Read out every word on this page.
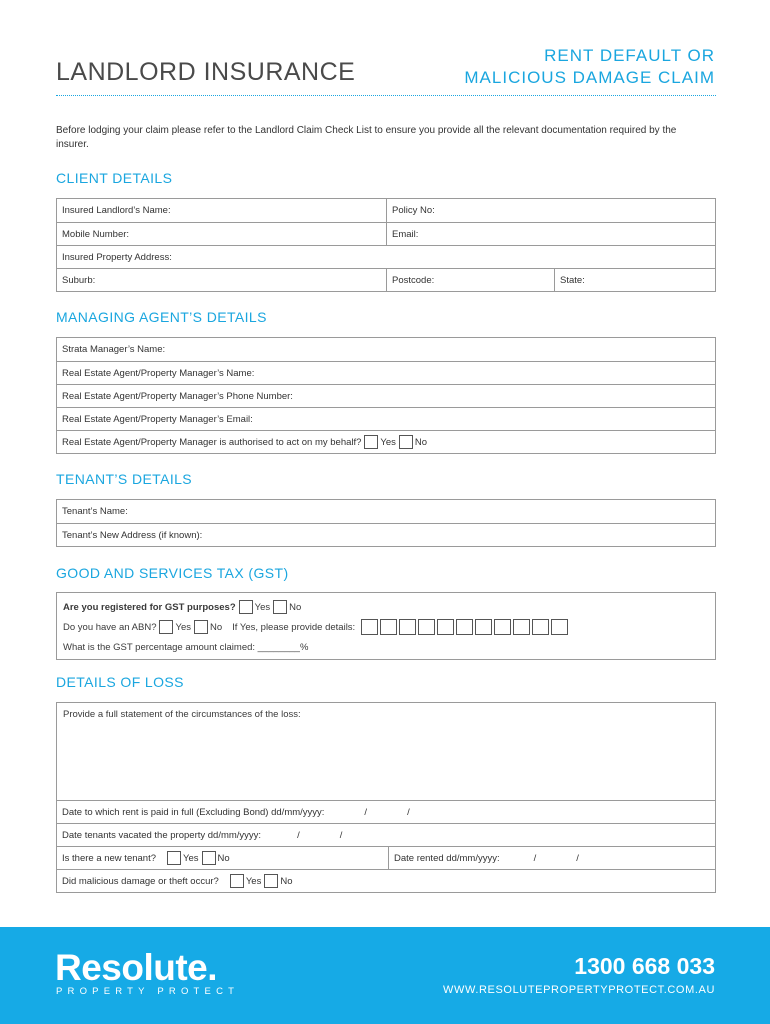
LANDLORD INSURANCE
RENT DEFAULT OR
MALICIOUS DAMAGE CLAIM
Before lodging your claim please refer to the Landlord Claim Check List to ensure you provide all the relevant documentation required by the insurer.
CLIENT DETAILS
Insured Landlord’s Name:	Policy No:
Mobile Number:	Email:
Insured Property Address:
Suburb:	Postcode:	State:
MANAGING AGENT’S DETAILS
Strata Manager’s Name:
Real Estate Agent/Property Manager’s Name:
Real Estate Agent/Property Manager’s Phone Number:
Real Estate Agent/Property Manager’s Email:
Real Estate Agent/Property Manager is authorised to act on my behalf? Yes No
TENANT’S DETAILS
Tenant’s Name:
Tenant’s New Address (if known):
GOOD AND SERVICES TAX (GST)
Are you registered for GST purposes? Yes No
Do you have an ABN? Yes No If Yes, please provide details:
What is the GST percentage amount claimed: ________%
DETAILS OF LOSS
Provide a full statement of the circumstances of the loss:
Date to which rent is paid in full (Excluding Bond) dd/mm/yyyy:	/	/
Date tenants vacated the property dd/mm/yyyy:	/	/
Is there a new tenant?	Yes No	Date rented dd/mm/yyyy:	/	/
Did malicious damage or theft occur?	Yes No
Resolute.
PROPERTY PROTECT
1300 668 033
WWW.RESOLUTEPROPERTYPROTECT.COM.AU
